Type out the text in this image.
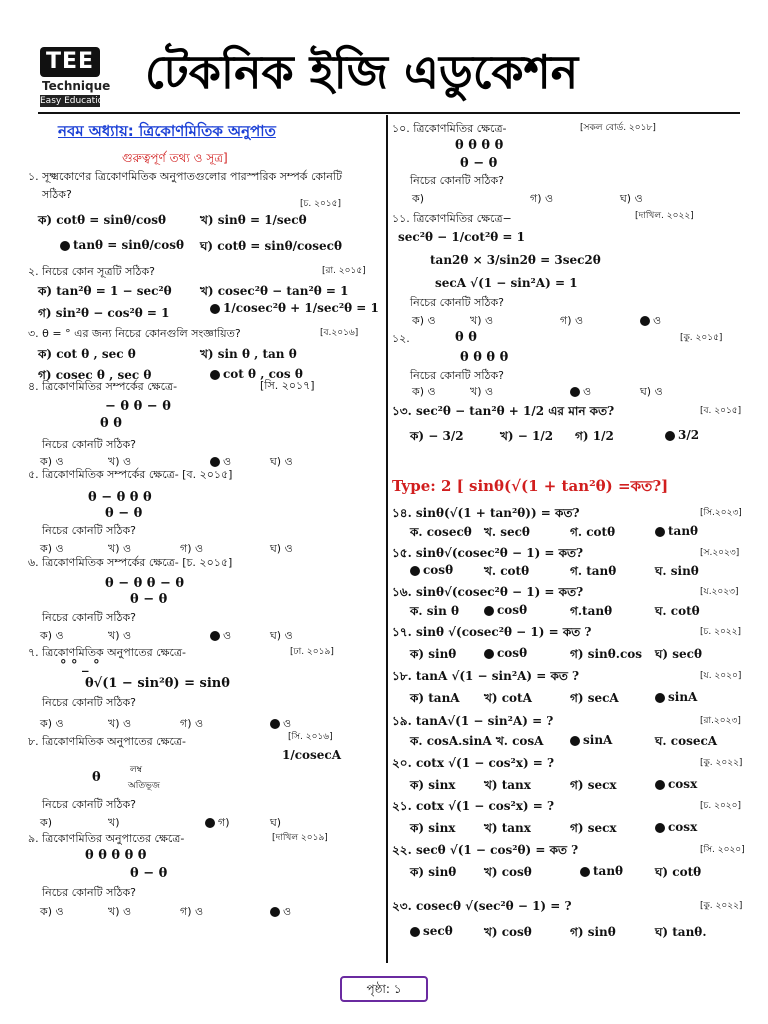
TEE
Technique
Easy Education
টেকনিক ইজি এডুকেশন
নবম অধ্যায়: ত্রিকোণমিতিক অনুপাত
গুরুত্বপূর্ণ তথ্য ও সূত্র]
Type: 2 [ sinθ(√(1 + tan²θ) =কত?]
১. সূক্ষ্মকোণের ত্রিকোণমিতিক অনুপাতগুলোর পারস্পরিক সম্পর্ক কোনটি
সঠিক?
[চ. ২০১৫]
ক) cotθ = sinθ/cosθ	খ) sinθ = 1/secθ
tanθ = sinθ/cosθ ঘ) cotθ = sinθ/cosecθ
২. নিচের কোন সূত্রটি সঠিক?	[রা. ২০১৫]
ক) tan²θ = 1 − sec²θ খ) cosec²θ − tan²θ = 1
গ) sin²θ − cos²θ = 1	1/cosec²θ + 1/sec²θ = 1
৩. θ = ° এর জন্য নিচের কোনগুলি সংজ্ঞায়িত?	[ব.২০১৬]
ক) cot θ , sec θ	খ) sin θ , tan θ
গ) cosec θ , sec θ	cot θ , cos θ
৪. ত্রিকোণমিতির সম্পর্কের ক্ষেত্রে-	[সি. ২০১৭]
− θ θ − θ
θ θ
নিচের কোনটি সঠিক?
ক) ও	খ) ও	ও	ঘ) ও
৫. ত্রিকোণমিতিক সম্পর্কের ক্ষেত্রে- [ব. ২০১৫]
θ − θ θ θ
θ − θ
নিচের কোনটি সঠিক?
ক) ও	খ) ও	গ) ও	ঘ) ও
৬. ত্রিকোণমিতিক সম্পর্কের ক্ষেত্রে- [চ. ২০১৫]
θ − θ θ − θ
θ − θ
নিচের কোনটি সঠিক?
ক) ও	খ) ও	ও	ঘ) ও
৭. ত্রিকোণমিতিক অনুপাতের ক্ষেত্রে-	[ঢা. ২০১৯]
° ° _ °
θ√(1 − sin²θ) = sinθ
নিচের কোনটি সঠিক?
ক) ও	খ) ও	গ) ও	ও
৮. ত্রিকোণমিতিক অনুপাতের ক্ষেত্রে-	[সি. ২০১৬]
1/cosecA
θ	লম্ব
অতিভূজ
নিচের কোনটি সঠিক?
ক)	খ)	গ)	ঘ)
৯. ত্রিকোণমিতির অনুপাতের ক্ষেত্রে-	[দাখিল ২০১৯]
θ θ θ θ θ
θ − θ
নিচের কোনটি সঠিক?
ক) ও	খ) ও	গ) ও	ও
১০. ত্রিকোণমিতির ক্ষেত্রে-	[সকল বোর্ড. ২০১৮]
θ θ θ θ
θ − θ
নিচের কোনটি সঠিক?
ক)	গ) ও	ঘ) ও
১১. ত্রিকোণমিতির ক্ষেত্রে−	[দাখিল. ২০২২]
sec²θ − 1/cot²θ = 1
tan2θ × 3/sin2θ = 3sec2θ
secA √(1 − sin²A) = 1
নিচের কোনটি সঠিক?
ক) ও	খ) ও	গ) ও	ও
১২.	θ θ	[কু. ২০১৫]
θ θ θ θ
নিচের কোনটি সঠিক?
ক) ও	খ) ও	ও	ঘ) ও
১৩. sec²θ − tan²θ + 1/2 এর মান কত?	[ব. ২০১৫]
ক) − 3/2	খ) − 1/2 গ) 1/2	3/2
১৪. sinθ(√(1 + tan²θ)) = কত?	[সি.২০২৩]
ক. cosecθ খ. secθ	গ. cotθ	tanθ
১৫. sinθ√(cosec²θ − 1) = কত?	[স.২০২৩]
cosθ	খ. cotθ	গ. tanθ	ঘ. sinθ
১৬. sinθ√(cosec²θ − 1) = কত?	[য.২০২৩]
ক. sin θ	cosθ	গ.tanθ	ঘ. cotθ
১৭. sinθ √(cosec²θ − 1) = কত ?	[চ. ২০২২]
ক) sinθ	cosθ	গ) sinθ.cos ঘ) secθ
১৮. tanA √(1 − sin²A) = কত ?	[য. ২০২০]
ক) tanA খ) cotA	গ) secA	sinA
১৯. tanA√(1 − sin²A) = ?	[রা.২০২৩]
ক. cosA.sinA খ. cosA	sinA	ঘ. cosecA
২০. cotx √(1 − cos²x) = ?	[কু. ২০২২]
ক) sinx খ) tanx	গ) secx	cosx
২১. cotx √(1 − cos²x) = ?	[চ. ২০২০]
ক) sinx খ) tanx	গ) secx	cosx
২২. secθ √(1 − cos²θ) = কত ?	[সি. ২০২০]
ক) sinθ খ) cosθ	tanθ	ঘ) cotθ
২৩. cosecθ √(sec²θ − 1) = ?	[কু. ২০২২]
secθ	খ) cosθ	গ) sinθ	ঘ) tanθ.
পৃষ্ঠা: ১
